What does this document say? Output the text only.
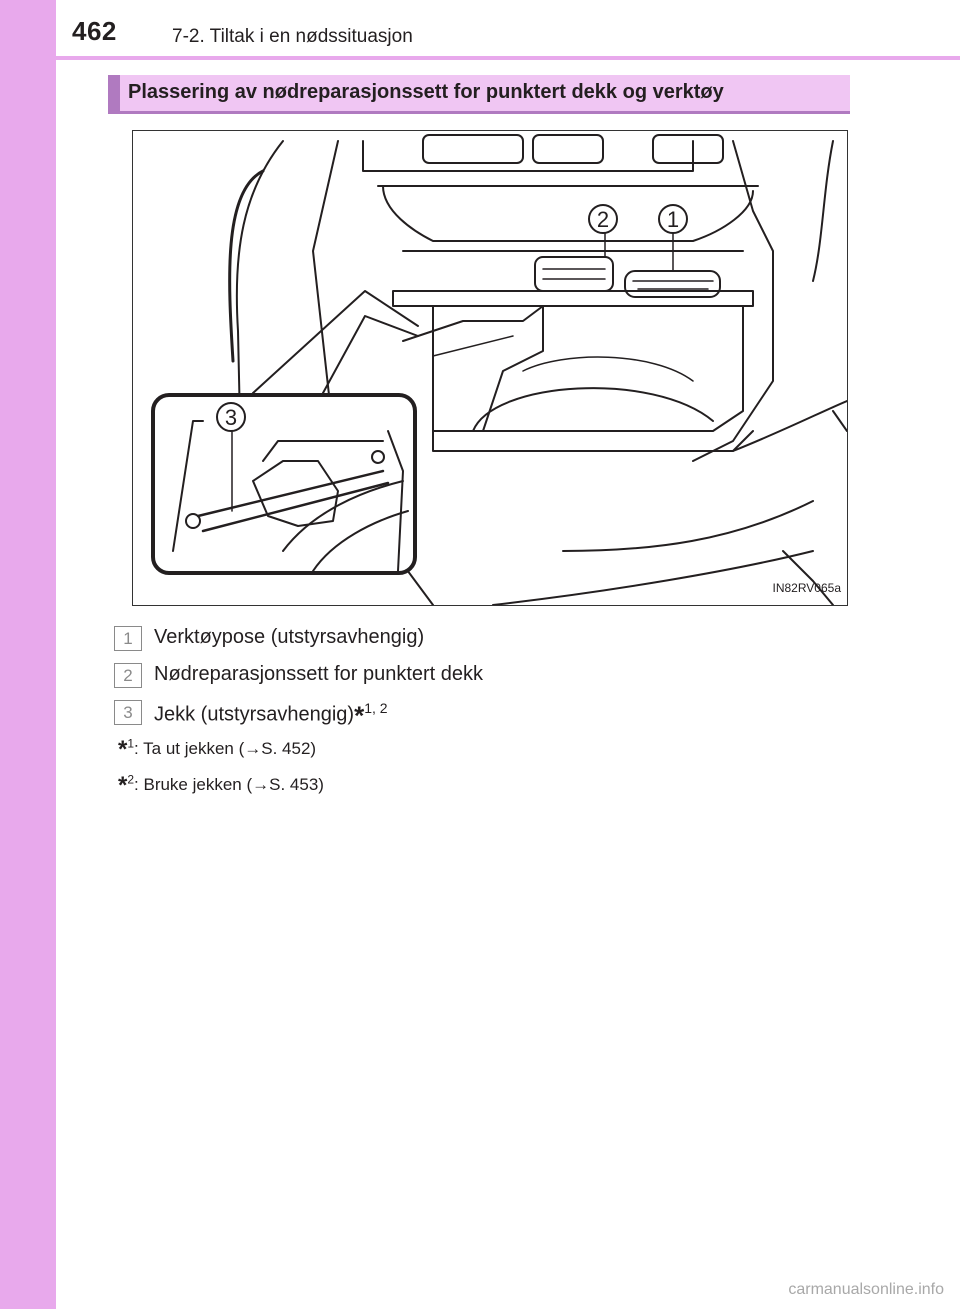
462	7-2. Tiltak i en nødssituasjon
Plassering av nødreparasjonssett for punktert dekk og verktøy
2	1
3
IN82RV065a
1	Verktøypose (utstyrsavhengig)
2	Nødreparasjonssett for punktert dekk
3	Jekk (utstyrsavhengig)*$^{1, 2}$
*$^1$: Ta ut jekken (→S. 452)
*$^2$: Bruke jekken (→S. 453)
carmanualsonline.info
